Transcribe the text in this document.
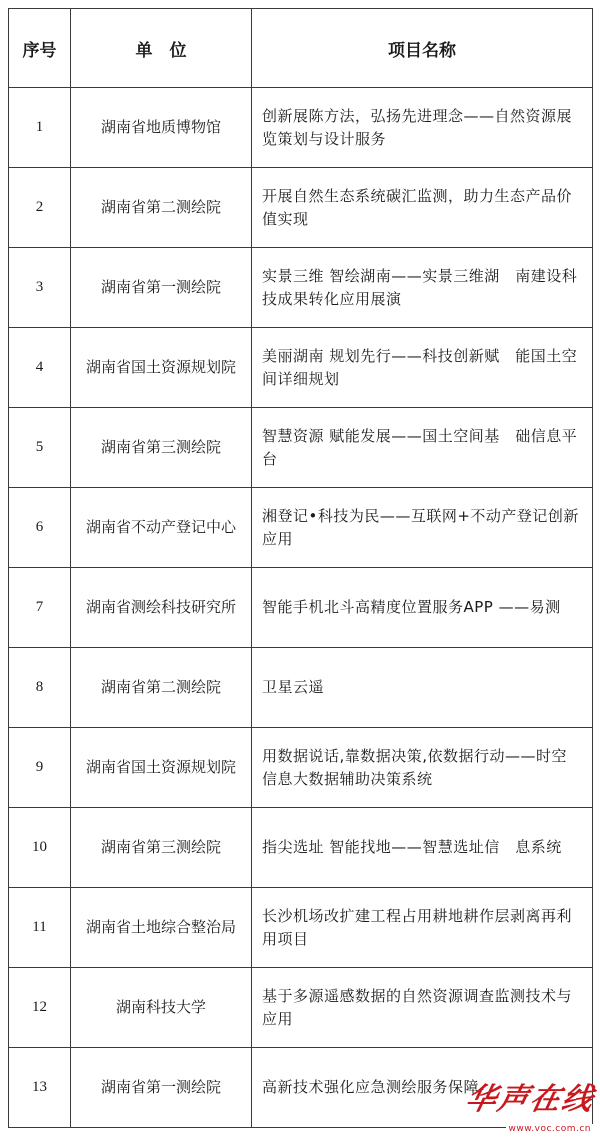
序号	单　位	项目名称
1	湖南省地质博物馆	创新展陈方法，弘扬先进理念——自然资源展览策划与设计服务

2	湖南省第二测绘院	开展自然生态系统碳汇监测，助力生态产品价值实现

3	湖南省第一测绘院	实景三维 智绘湖南——实景三维湖　南建设科技成果转化应用展演

4	湖南省国土资源规划院	美丽湖南 规划先行——科技创新赋　能国土空间详细规划

5	湖南省第三测绘院	智慧资源 赋能发展——国土空间基　础信息平台

6	湖南省不动产登记中心	湘登记•科技为民——互联网+不动产登记创新应用

7	湖南省测绘科技研究所	智能手机北斗高精度位置服务APP ——易测

8	湖南省第二测绘院	卫星云遥

9	湖南省国土资源规划院	用数据说话,靠数据决策,依数据行动——时空信息大数据辅助决策系统

10	湖南省第三测绘院	指尖选址 智能找地——智慧选址信　息系统

11	湖南省土地综合整治局	长沙机场改扩建工程占用耕地耕作层剥离再利用项目

12	湖南科技大学	基于多源遥感数据的自然资源调查监测技术与应用

13	湖南省第一测绘院	高新技术强化应急测绘服务保障
华声在线
www.voc.com.cn
